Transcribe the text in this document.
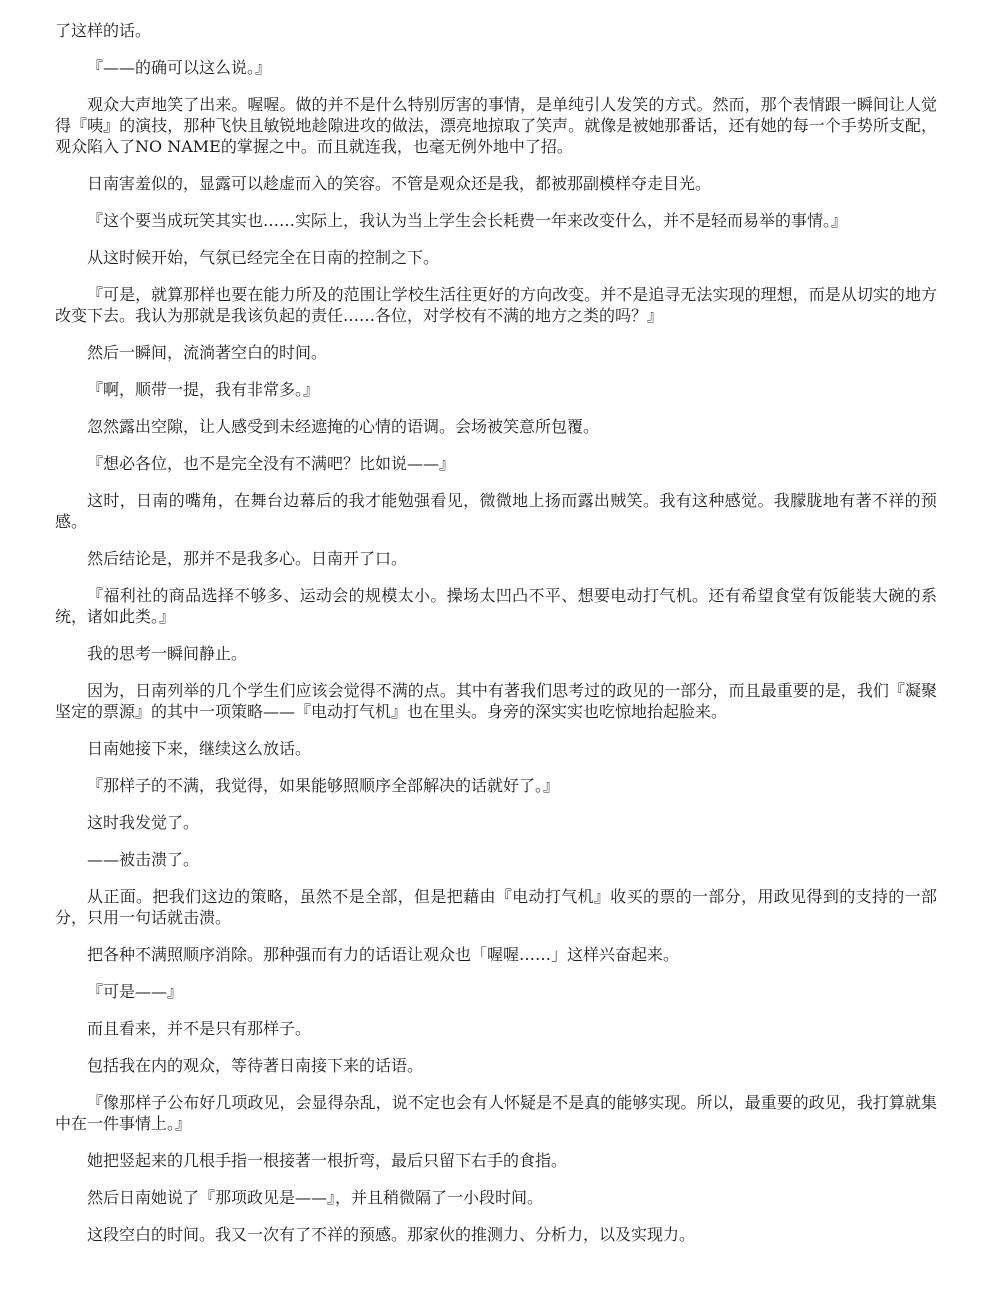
了这样的话。

『——的确可以这么说。』

观众大声地笑了出来。喔喔。做的并不是什么特别厉害的事情，是单纯引人发笑的方式。然而，那个表情跟一瞬间让人觉得『咦』的演技，那种飞快且敏锐地趁隙进攻的做法，漂亮地掠取了笑声。就像是被她那番话，还有她的每一个手势所支配，观众陷入了NO NAME的掌握之中。而且就连我，也毫无例外地中了招。

日南害羞似的，显露可以趁虚而入的笑容。不管是观众还是我，都被那副模样夺走目光。

『这个要当成玩笑其实也……实际上，我认为当上学生会长耗费一年来改变什么，并不是轻而易举的事情。』

从这时候开始，气氛已经完全在日南的控制之下。

『可是，就算那样也要在能力所及的范围让学校生活往更好的方向改变。并不是追寻无法实现的理想，而是从切实的地方改变下去。我认为那就是我该负起的责任……各位，对学校有不满的地方之类的吗？』

然后一瞬间，流淌著空白的时间。

『啊，顺带一提，我有非常多。』

忽然露出空隙，让人感受到未经遮掩的心情的语调。会场被笑意所包覆。

『想必各位，也不是完全没有不满吧？比如说——』

这时，日南的嘴角，在舞台边幕后的我才能勉强看见，微微地上扬而露出贼笑。我有这种感觉。我朦胧地有著不祥的预感。

然后结论是，那并不是我多心。日南开了口。

『福利社的商品选择不够多、运动会的规模太小。操场太凹凸不平、想要电动打气机。还有希望食堂有饭能装大碗的系统，诸如此类。』

我的思考一瞬间静止。

因为，日南列举的几个学生们应该会觉得不满的点。其中有著我们思考过的政见的一部分，而且最重要的是，我们『凝聚坚定的票源』的其中一项策略——『电动打气机』也在里头。身旁的深实实也吃惊地抬起脸来。

日南她接下来，继续这么放话。

『那样子的不满，我觉得，如果能够照顺序全部解决的话就好了。』

这时我发觉了。

——被击溃了。

从正面。把我们这边的策略，虽然不是全部，但是把藉由『电动打气机』收买的票的一部分，用政见得到的支持的一部分，只用一句话就击溃。

把各种不满照顺序消除。那种强而有力的话语让观众也「喔喔……」这样兴奋起来。

『可是——』

而且看来，并不是只有那样子。

包括我在内的观众，等待著日南接下来的话语。

『像那样子公布好几项政见，会显得杂乱，说不定也会有人怀疑是不是真的能够实现。所以，最重要的政见，我打算就集中在一件事情上。』

她把竖起来的几根手指一根接著一根折弯，最后只留下右手的食指。

然后日南她说了『那项政见是——』，并且稍微隔了一小段时间。

这段空白的时间。我又一次有了不祥的预感。那家伙的推测力、分析力，以及实现力。
